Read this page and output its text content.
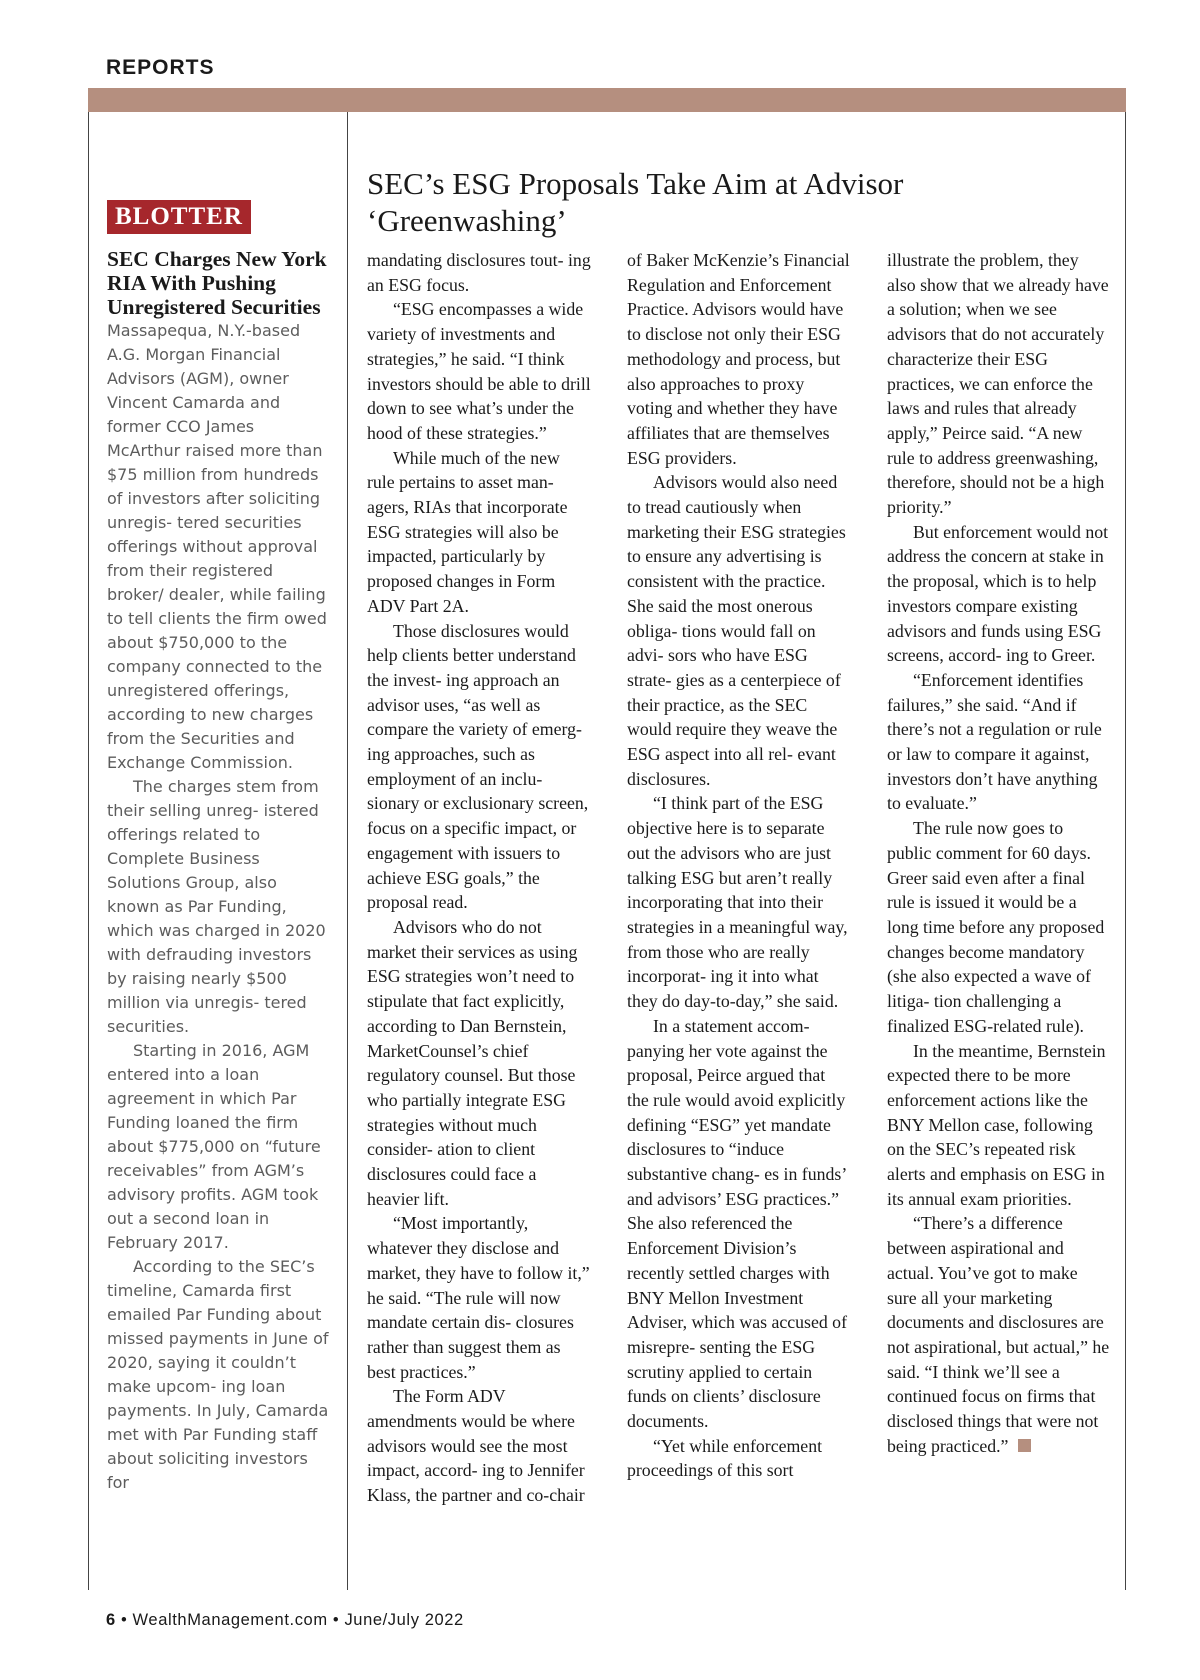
REPORTS
BLOTTER
SEC Charges New York RIA With Pushing Unregistered Securities

Massapequa, N.Y.-based A.G. Morgan Financial Advisors (AGM), owner Vincent Camarda and former CCO James McArthur raised more than $75 million from hundreds of investors after soliciting unregis- tered securities offerings without approval from their registered broker/ dealer, while failing to tell clients the firm owed about $750,000 to the company connected to the unregistered offerings, according to new charges from the Securities and Exchange Commission.

The charges stem from their selling unreg- istered offerings related to Complete Business Solutions Group, also known as Par Funding, which was charged in 2020 with defrauding investors by raising nearly $500 million via unregis- tered securities.

Starting in 2016, AGM entered into a loan agreement in which Par Funding loaned the firm about $775,000 on “future receivables” from AGM’s advisory profits. AGM took out a second loan in February 2017.

According to the SEC’s timeline, Camarda first emailed Par Funding about missed payments in June of 2020, saying it couldn’t make upcom- ing loan payments. In July, Camarda met with Par Funding staff about soliciting investors for

SEC’s ESG Proposals Take Aim at Advisor
‘Greenwashing’

mandating disclosures tout- ing an ESG focus.

“ESG encompasses a wide variety of investments and strategies,” he said. “I think investors should be able to drill down to see what’s under the hood of these strategies.”

While much of the new rule pertains to asset man- agers, RIAs that incorporate ESG strategies will also be impacted, particularly by proposed changes in Form ADV Part 2A.

Those disclosures would help clients better understand the invest- ing approach an advisor uses, “as well as compare the variety of emerg- ing approaches, such as employment of an inclu- sionary or exclusionary screen, focus on a specific impact, or engagement with issuers to achieve ESG goals,” the proposal read.

Advisors who do not market their services as using ESG strategies won’t need to stipulate that fact explicitly, according to Dan Bernstein, MarketCounsel’s chief regulatory counsel. But those who partially integrate ESG strategies without much consider- ation to client disclosures could face a heavier lift.

“Most importantly, whatever they disclose and market, they have to follow it,” he said. “The rule will now mandate certain dis- closures rather than suggest them as best practices.”

The Form ADV amendments would be where advisors would see the most impact, accord- ing to Jennifer Klass, the partner and co-chair

of Baker McKenzie’s Financial Regulation and Enforcement Practice. Advisors would have to disclose not only their ESG methodology and process, but also approaches to proxy voting and whether they have affiliates that are themselves ESG providers.

Advisors would also need to tread cautiously when marketing their ESG strategies to ensure any advertising is consistent with the practice. She said the most onerous obliga- tions would fall on advi- sors who have ESG strate- gies as a centerpiece of their practice, as the SEC would require they weave the ESG aspect into all rel- evant disclosures.

“I think part of the ESG objective here is to separate out the advisors who are just talking ESG but aren’t really incorporating that into their strategies in a meaningful way, from those who are really incorporat- ing it into what they do day-to-day,” she said.

In a statement accom- panying her vote against the proposal, Peirce argued that the rule would avoid explicitly defining “ESG” yet mandate disclosures to “induce substantive chang- es in funds’ and advisors’ ESG practices.” She also referenced the Enforcement Division’s recently settled charges with BNY Mellon Investment Adviser, which was accused of misrepre- senting the ESG scrutiny applied to certain funds on clients’ disclosure documents.

“Yet while enforcement proceedings of this sort

illustrate the problem, they also show that we already have a solution; when we see advisors that do not accurately characterize their ESG practices, we can enforce the laws and rules that already apply,” Peirce said. “A new rule to address greenwashing, therefore, should not be a high priority.”

But enforcement would not address the concern at stake in the proposal, which is to help investors compare existing advisors and funds using ESG screens, accord- ing to Greer.

“Enforcement identifies failures,” she said. “And if there’s not a regulation or rule or law to compare it against, investors don’t have anything to evaluate.”

The rule now goes to public comment for 60 days. Greer said even after a final rule is issued it would be a long time before any proposed changes become mandatory (she also expected a wave of litiga- tion challenging a finalized ESG-related rule).

In the meantime, Bernstein expected there to be more enforcement actions like the BNY Mellon case, following on the SEC’s repeated risk alerts and emphasis on ESG in its annual exam priorities.

“There’s a difference between aspirational and actual. You’ve got to make sure all your marketing documents and disclosures are not aspirational, but actual,” he said. “I think we’ll see a continued focus on firms that disclosed things that were not being practiced.”

6 • WealthManagement.com • June/July 2022
